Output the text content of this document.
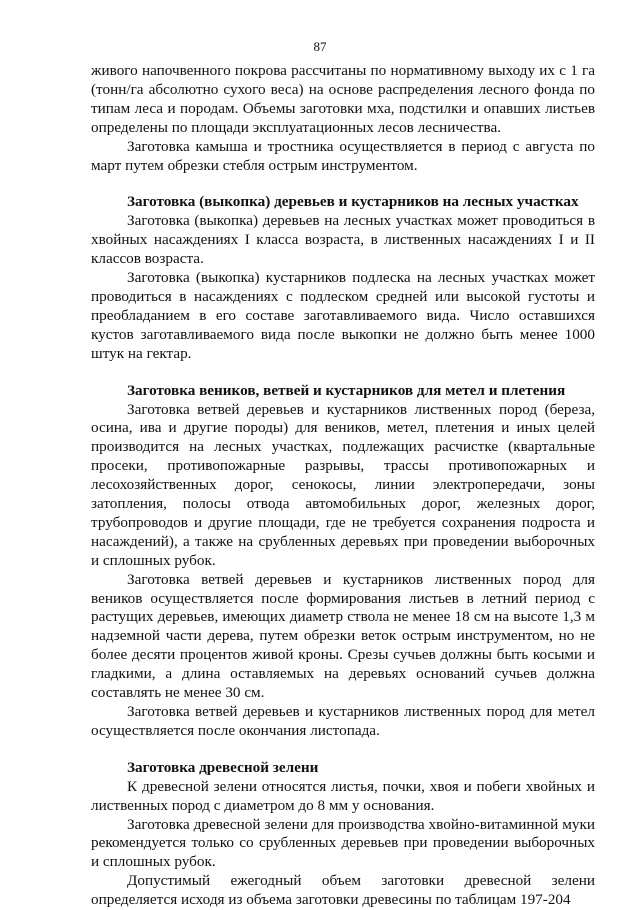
87

живого напочвенного покрова рассчитаны по нормативному выходу их с 1 га (тонн/га абсолютно сухого веса) на основе распределения лесного фонда по типам леса и породам. Объемы заготовки мха, подстилки и опавших листьев определены по площади эксплуатационных лесов лесничества.

Заготовка камыша и тростника осуществляется в период с августа по март путем обрезки стебля острым инструментом.

Заготовка (выкопка) деревьев и кустарников на лесных участках

Заготовка (выкопка) деревьев на лесных участках может проводиться в хвойных насаждениях I класса возраста, в лиственных насаждениях I и II классов возраста.

Заготовка (выкопка) кустарников подлеска на лесных участках может проводиться в насаждениях с подлеском средней или высокой густоты и преобладанием в его составе заготавливаемого вида. Число оставшихся кустов заготавливаемого вида после выкопки не должно быть менее 1000 штук на гектар.

Заготовка веников, ветвей и кустарников для метел и плетения

Заготовка ветвей деревьев и кустарников лиственных пород (береза, осина, ива и другие породы) для веников, метел, плетения и иных целей производится на лесных участках, подлежащих расчистке (квартальные просеки, противопожарные разрывы, трассы противопожарных и лесохозяйственных дорог, сенокосы, линии электропередачи, зоны затопления, полосы отвода автомобильных дорог, железных дорог, трубопроводов и другие площади, где не требуется сохранения подроста и насаждений), а также на срубленных деревьях при проведении выборочных и сплошных рубок.

Заготовка ветвей деревьев и кустарников лиственных пород для веников осуществляется после формирования листьев в летний период с растущих деревьев, имеющих диаметр ствола не менее 18 см на высоте 1,3 м надземной части дерева, путем обрезки веток острым инструментом, но не более десяти процентов живой кроны. Срезы сучьев должны быть косыми и гладкими, а длина оставляемых на деревьях оснований сучьев должна составлять не менее 30 см.

Заготовка ветвей деревьев и кустарников лиственных пород для метел осуществляется после окончания листопада.

Заготовка древесной зелени

К древесной зелени относятся листья, почки, хвоя и побеги хвойных и лиственных пород с диаметром до 8 мм у основания.

Заготовка древесной зелени для производства хвойно-витаминной муки рекомендуется только со срубленных деревьев при проведении выборочных и сплошных рубок.

Допустимый ежегодный объем заготовки древесной зелени определяется исходя из объема заготовки древесины по таблицам 197-204
